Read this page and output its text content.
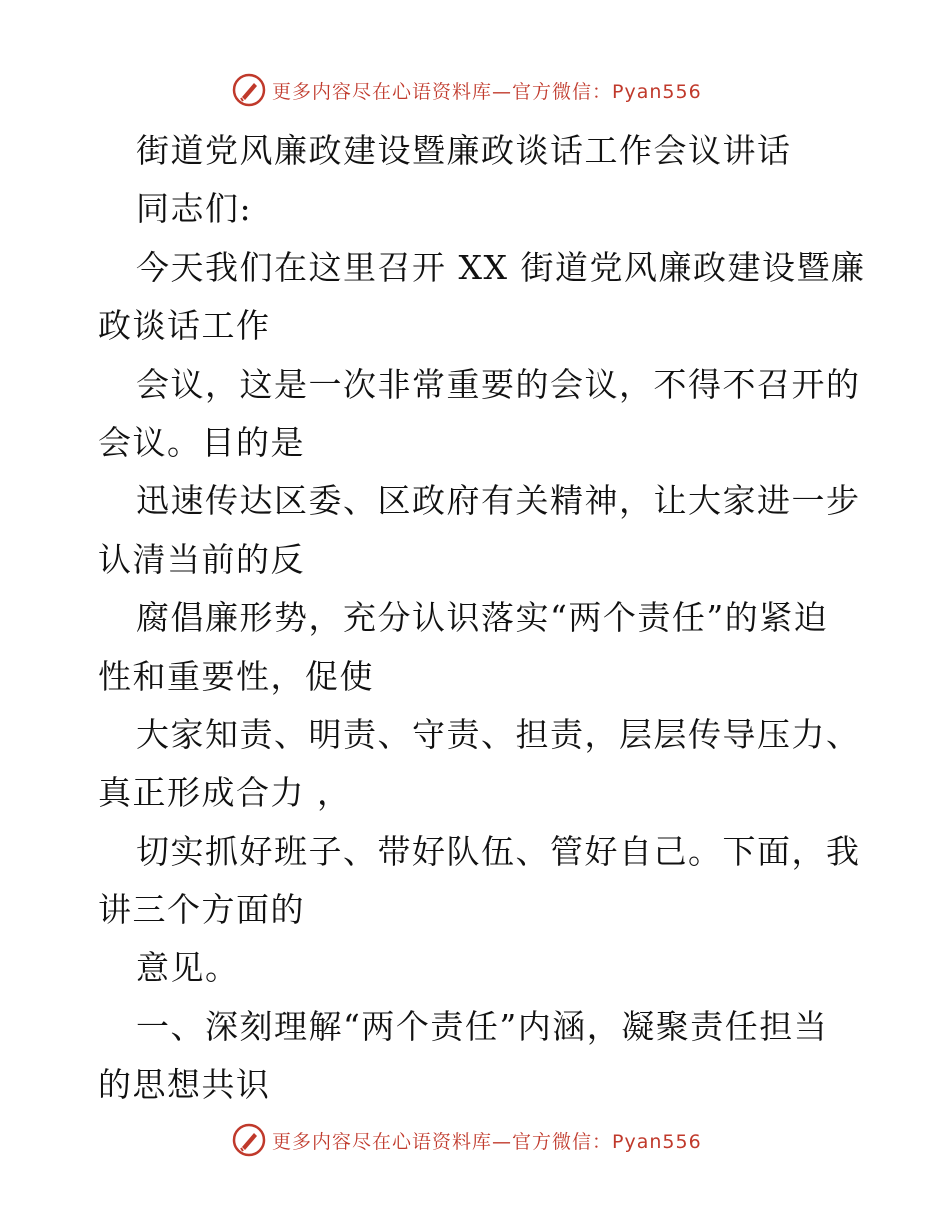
更多内容尽在心语资料库—官方微信：Pyan556
街道党风廉政建设暨廉政谈话工作会议讲话
同志们:
今天我们在这里召开 XX 街道党风廉政建设暨廉
政谈话工作
会议，这是一次非常重要的会议，不得不召开的
会议。目的是
迅速传达区委、区政府有关精神，让大家进一步
认清当前的反
腐倡廉形势，充分认识落实“两个责任”的紧迫
性和重要性，促使
大家知责、明责、守责、担责，层层传导压力、
真正形成合力 ，
切实抓好班子、带好队伍、管好自己。下面，我
讲三个方面的
意见。
一、深刻理解“两个责任”内涵，凝聚责任担当
的思想共识
更多内容尽在心语资料库—官方微信：Pyan556
